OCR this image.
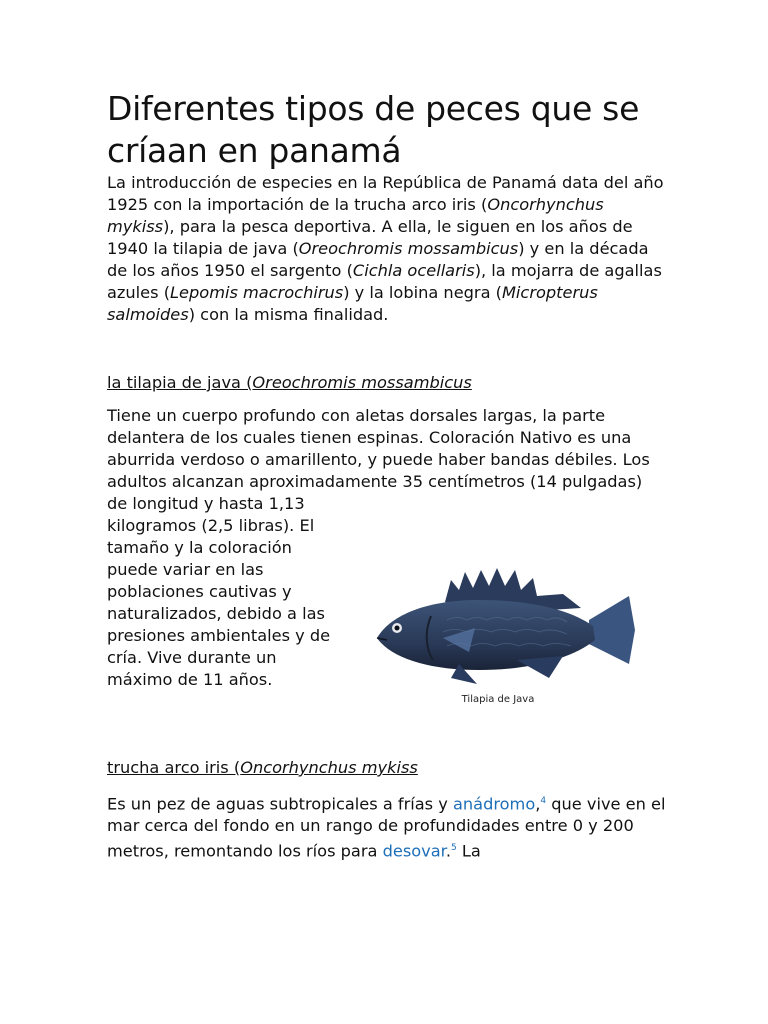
Diferentes tipos de peces que se críaan en panamá

La introducción de especies en la República de Panamá data del año 1925 con la importación de la trucha arco iris (Oncorhynchus mykiss), para la pesca deportiva. A ella, le siguen en los años de 1940 la tilapia de java (Oreochromis mossambicus) y en la década de los años 1950 el sargento (Cichla ocellaris), la mojarra de agallas azules (Lepomis macrochirus) y la lobina negra (Micropterus salmoides) con la misma finalidad.

la tilapia de java (Oreochromis mossambicus

Tiene un cuerpo profundo con aletas dorsales largas, la parte delantera de los cuales tienen espinas. Coloración Nativo es una aburrida verdoso o amarillento, y puede haber bandas débiles. Los adultos alcanzan aproximadamente 35 centímetros (14 pulgadas) de longitud y hasta 1,13

kilogramos (2,5 libras). El tamaño y la coloración puede variar en las poblaciones cautivas y naturalizados, debido a las presiones ambientales y de cría. Vive durante un máximo de 11 años.

trucha arco iris (Oncorhynchus mykiss

Es un pez de aguas subtropicales a frías y anádromo,$^4$ que vive en el mar cerca del fondo en un rango de profundidades entre 0 y 200 metros, remontando los ríos para desovar.$^5$ La

Tilapia de Java
